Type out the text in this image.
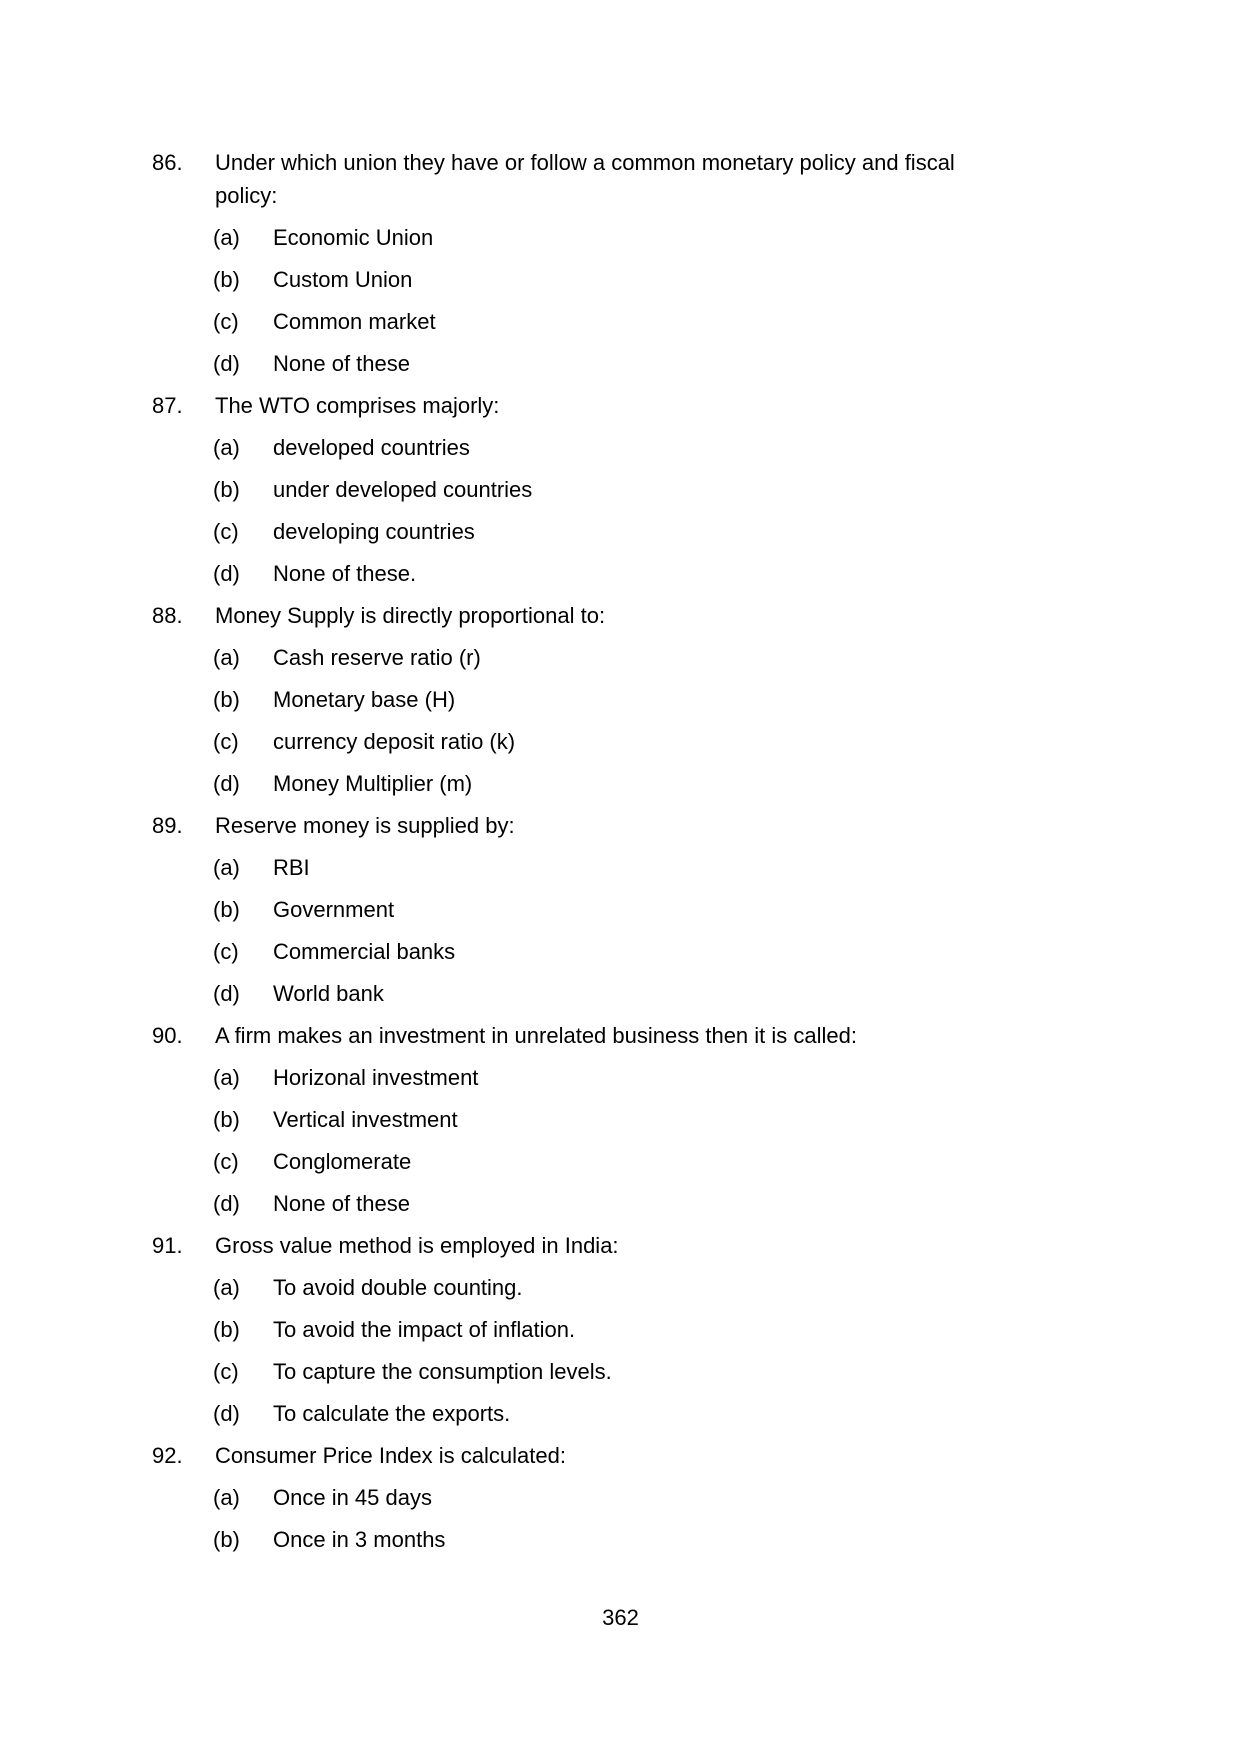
86.	Under which union they have or follow a common monetary policy and fiscal policy:
(a)	Economic Union
(b)	Custom Union
(c)	Common market
(d)	None of these
87.	The WTO comprises majorly:
(a)	developed countries
(b)	under developed countries
(c)	developing countries
(d)	None of these.
88.	Money Supply is directly proportional to:
(a)	Cash reserve ratio (r)
(b)	Monetary base (H)
(c)	currency deposit ratio (k)
(d)	Money Multiplier (m)
89.	Reserve money is supplied by:
(a)	RBI
(b)	Government
(c)	Commercial banks
(d)	World bank
90.	A firm makes an investment in unrelated business then it is called:
(a)	Horizonal investment
(b)	Vertical investment
(c)	Conglomerate
(d)	None of these
91.	Gross value method is employed in India:
(a)	To avoid double counting.
(b)	To avoid the impact of inflation.
(c)	To capture the consumption levels.
(d)	To calculate the exports.
92.	Consumer Price Index is calculated:
(a)	Once in 45 days
(b)	Once in 3 months
362
